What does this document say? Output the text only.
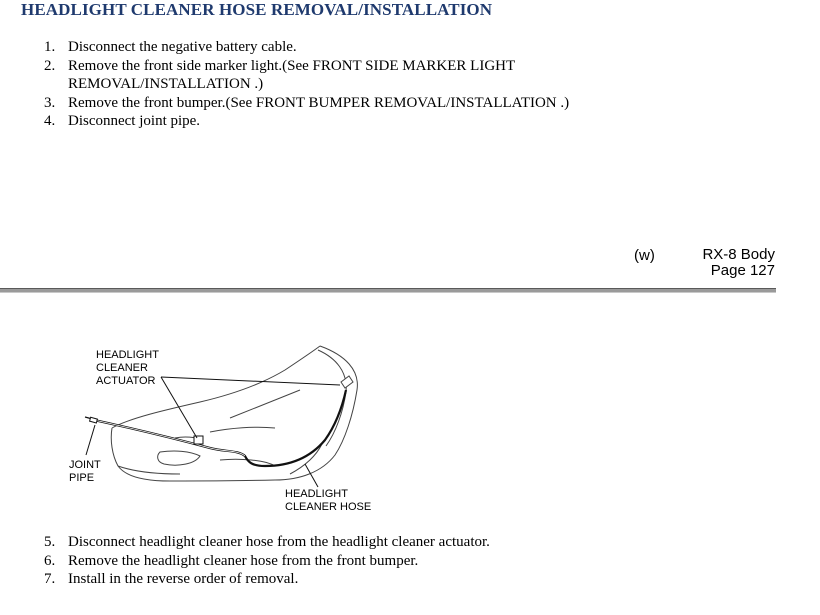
HEADLIGHT CLEANER HOSE REMOVAL/INSTALLATION
1. Disconnect the negative battery cable.
2. Remove the front side marker light.(See FRONT SIDE MARKER LIGHT REMOVAL/INSTALLATION .)
3. Remove the front bumper.(See FRONT BUMPER REMOVAL/INSTALLATION .)
4. Disconnect joint pipe.
(w)	RX-8 Body
Page 127
HEADLIGHT
CLEANER
ACTUATOR
JOINT
PIPE
HEADLIGHT
CLEANER HOSE
5. Disconnect headlight cleaner hose from the headlight cleaner actuator.
6. Remove the headlight cleaner hose from the front bumper.
7. Install in the reverse order of removal.
